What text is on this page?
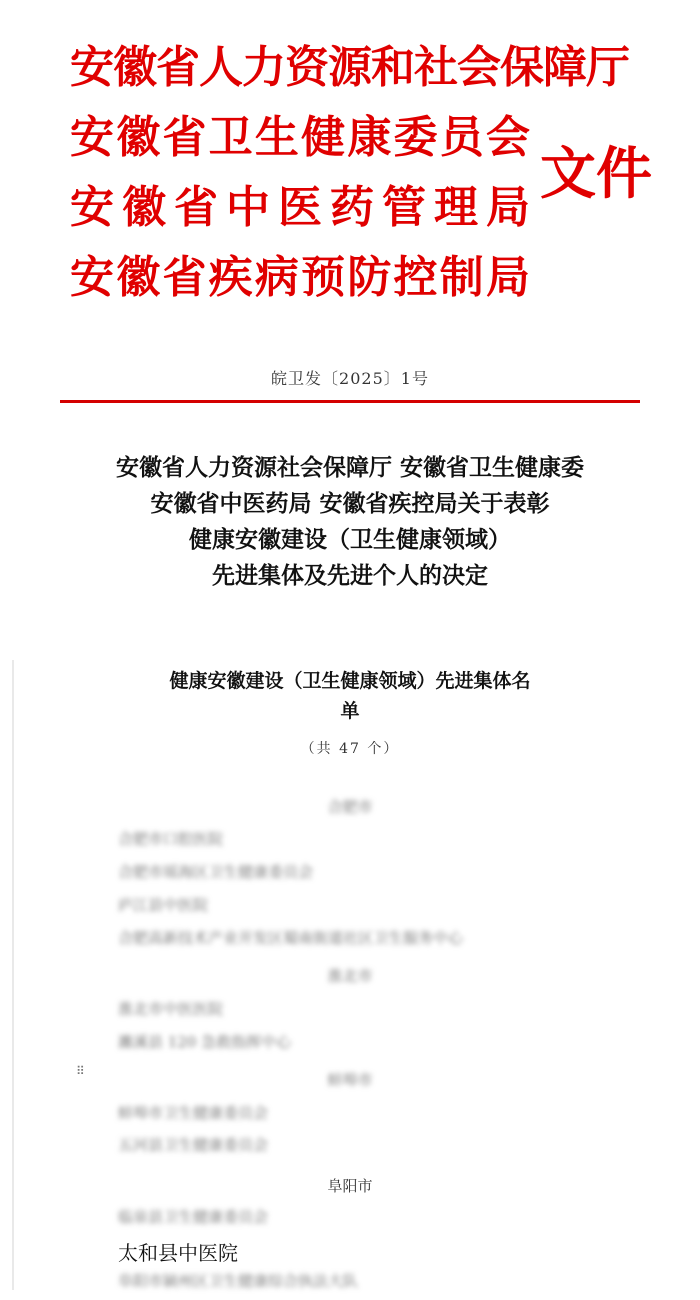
安 徽 省 人 力 资 源 和 社 会 保 障 厅
安 徽 省 卫 生 健 康 委 员 会
安 徽 省 中 医 药 管 理 局
安 徽 省 疾 病 预 防 控 制 局
文件
皖卫发〔2025〕1号
安徽省人力资源社会保障厅 安徽省卫生健康委
安徽省中医药局 安徽省疾控局关于表彰
健康安徽建设（卫生健康领域）
先进集体及先进个人的决定
健康安徽建设（卫生健康领域）先进集体名
单
（共 47 个）
合肥市
合肥市口腔医院
合肥市瑶海区卫生健康委员会
庐江县中医院
合肥高新技术产业开发区蜀南街道社区卫生服务中心
淮北市
淮北市中医医院
濉溪县 120 急救指挥中心
⠿	蚌埠市
蚌埠市卫生健康委员会
五河县卫生健康委员会
阜阳市
临泉县卫生健康委员会
太和县中医院
阜阳市颍州区卫生健康综合执法大队
